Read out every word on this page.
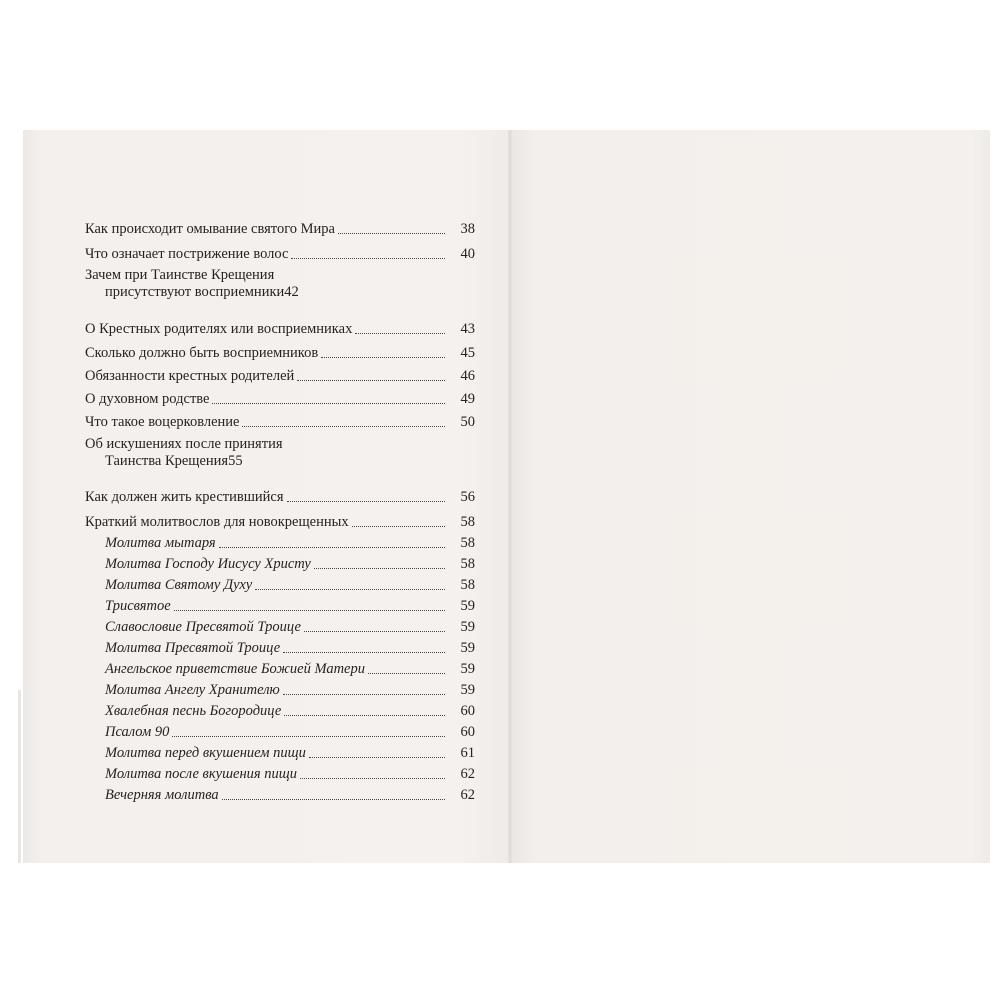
Как происходит омывание святого Мира	38
Что означает пострижение волос	40
Зачем при Таинстве Крещения
присутствуют восприемники 42
О Крестных родителях или восприемниках	43
Сколько должно быть восприемников	45
Обязанности крестных родителей	46
О духовном родстве	49
Что такое воцерковление	50
Об искушениях после принятия
Таинства Крещения 55
Как должен жить крестившийся	56
Краткий молитвослов для новокрещенных	58
Молитва мытаря	58
Молитва Господу Иисусу Христу	58
Молитва Святому Духу	58
Трисвятое	59
Славословие Пресвятой Троице	59
Молитва Пресвятой Троице	59
Ангельское приветствие Божией Матери	59
Молитва Ангелу Хранителю	59
Хвалебная песнь Богородице	60
Псалом 90	60
Молитва перед вкушением пищи	61
Молитва после вкушения пищи	62
Вечерняя молитва	62
